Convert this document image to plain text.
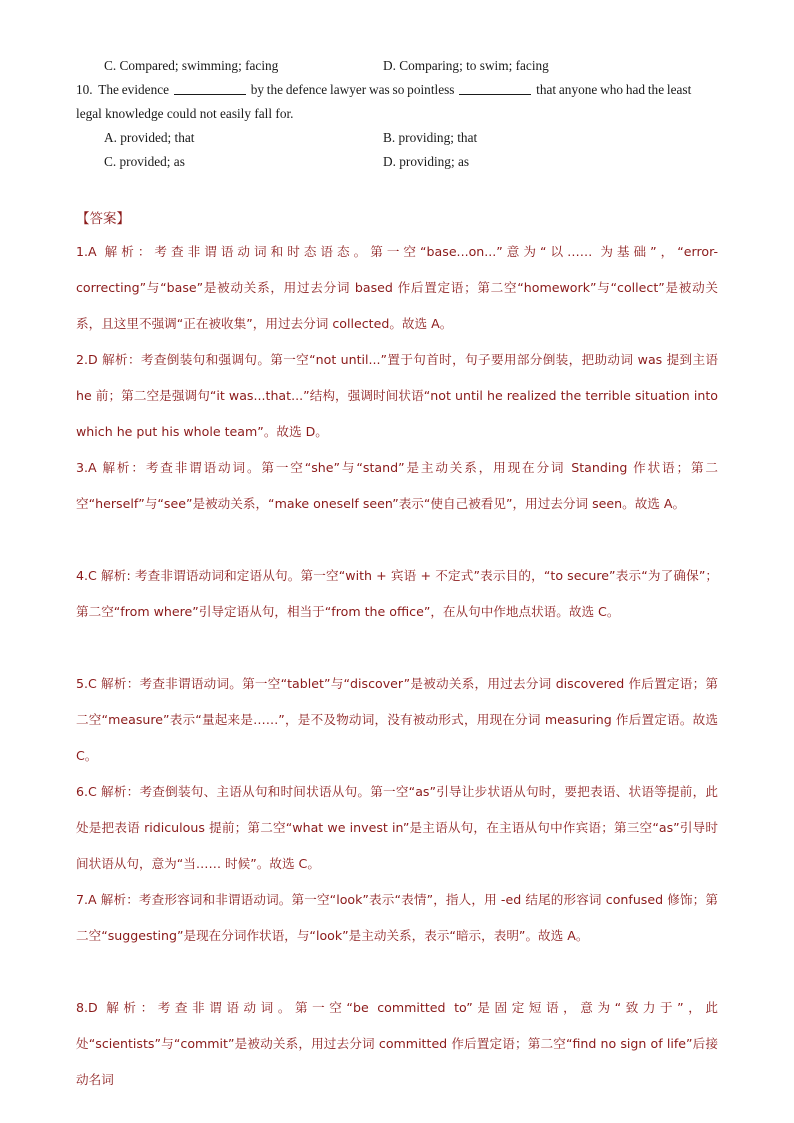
C. Compared; swimming; facing	D. Comparing; to swim; facing
10. The evidence	by the defence lawyer was so pointless	that anyone who had the least
legal knowledge could not easily fall for.
A. provided; that	B. providing; that
C. provided; as	D. providing; as
【答案】
1.A 解析：考查非谓语动词和时态语态。第一空“base...on...”意为“以…… 为基础”，“error-correcting”与“base”是被动关系，用过去分词 based 作后置定语；第二空“homework”与“collect”是被动关系，且这里不强调“正在被收集”，用过去分词 collected。故选 A。
2.D 解析：考查倒装句和强调句。第一空“not until...”置于句首时，句子要用部分倒装，把助动词 was 提到主语 he 前；第二空是强调句“it was...that...”结构，强调时间状语“not until he realized the terrible situation into which he put his whole team”。故选 D。
3.A 解析：考查非谓语动词。第一空“she”与“stand”是主动关系，用现在分词 Standing 作状语；第二空“herself”与“see”是被动关系，“make oneself seen”表示“使自己被看见”，用过去分词 seen。故选 A。
4.C 解析: 考查非谓语动词和定语从句。第一空“with + 宾语 + 不定式”表示目的，“to secure”表示“为了确保”；第二空“from where”引导定语从句，相当于“from the office”，在从句中作地点状语。故选 C。
5.C 解析：考查非谓语动词。第一空“tablet”与“discover”是被动关系，用过去分词 discovered 作后置定语；第二空“measure”表示“量起来是……”，是不及物动词，没有被动形式，用现在分词 measuring 作后置定语。故选 C。
6.C 解析：考查倒装句、主语从句和时间状语从句。第一空“as”引导让步状语从句时，要把表语、状语等提前，此处是把表语 ridiculous 提前；第二空“what we invest in”是主语从句，在主语从句中作宾语；第三空“as”引导时间状语从句，意为“当…… 时候”。故选 C。
7.A 解析：考查形容词和非谓语动词。第一空“look”表示“表情”，指人，用 -ed 结尾的形容词 confused 修饰；第二空“suggesting”是现在分词作状语，与“look”是主动关系，表示“暗示，表明”。故选 A。
8.D 解析：考查非谓语动词。第一空“be committed to”是固定短语，意为“致力于”，此处“scientists”与“commit”是被动关系，用过去分词 committed 作后置定语；第二空“find no sign of life”后接动名词
